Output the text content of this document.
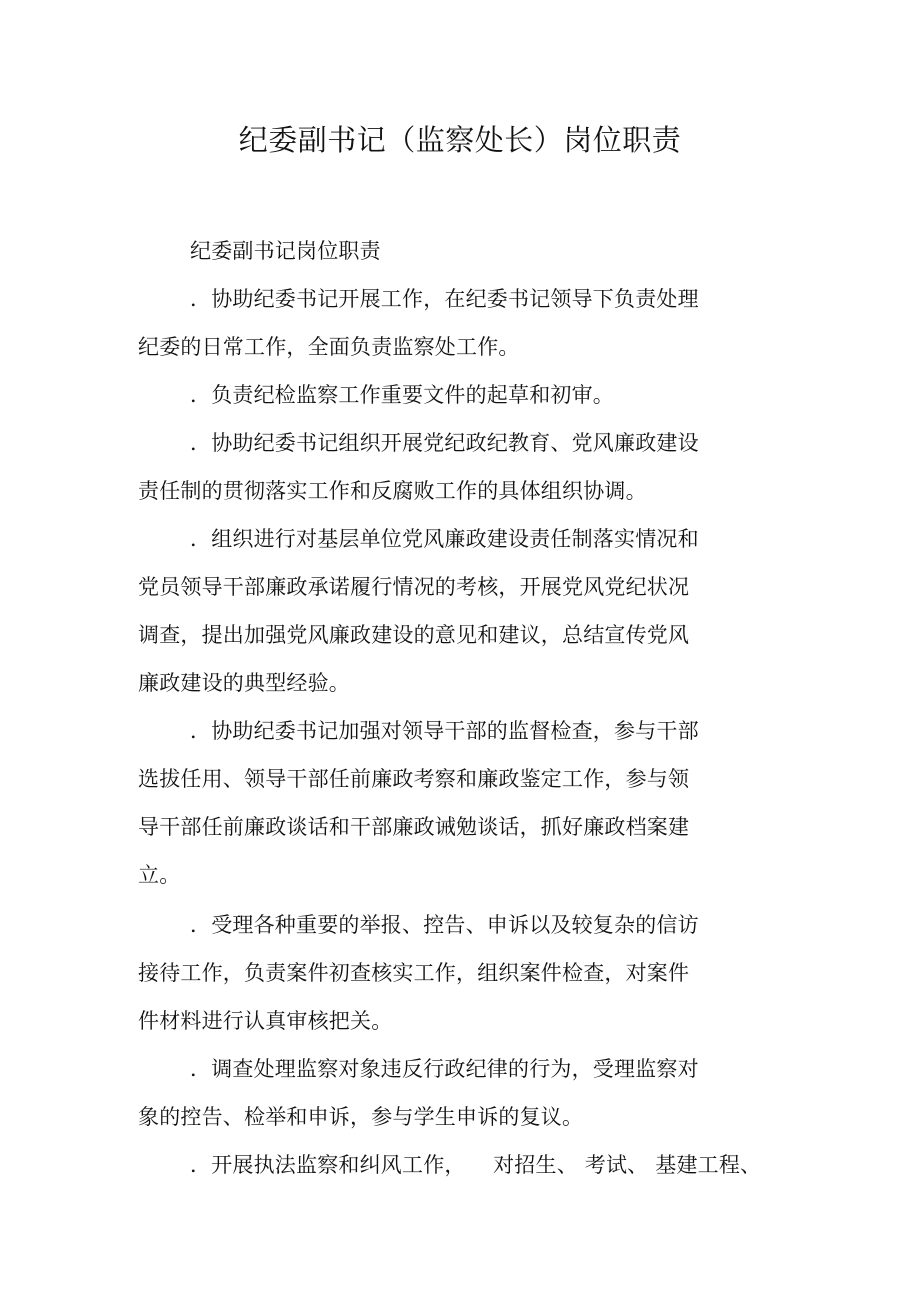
纪委副书记（监察处长）岗位职责
纪委副书记岗位职责
．协助纪委书记开展工作，在纪委书记领导下负责处理
纪委的日常工作，全面负责监察处工作。
．负责纪检监察工作重要文件的起草和初审。
．协助纪委书记组织开展党纪政纪教育、党风廉政建设
责任制的贯彻落实工作和反腐败工作的具体组织协调。
．组织进行对基层单位党风廉政建设责任制落实情况和
党员领导干部廉政承诺履行情况的考核，开展党风党纪状况
调查，提出加强党风廉政建设的意见和建议，总结宣传党风
廉政建设的典型经验。
．协助纪委书记加强对领导干部的监督检查，参与干部
选拔任用、领导干部任前廉政考察和廉政鉴定工作，参与领
导干部任前廉政谈话和干部廉政诫勉谈话，抓好廉政档案建
立。
．受理各种重要的举报、控告、申诉以及较复杂的信访
接待工作，负责案件初查核实工作，组织案件检查，对案件
件材料进行认真审核把关。
．调查处理监察对象违反行政纪律的行为，受理监察对
象的控告、检举和申诉，参与学生申诉的复议。
．开展执法监察和纠风工作，    对招生、 考试、 基建工程、
